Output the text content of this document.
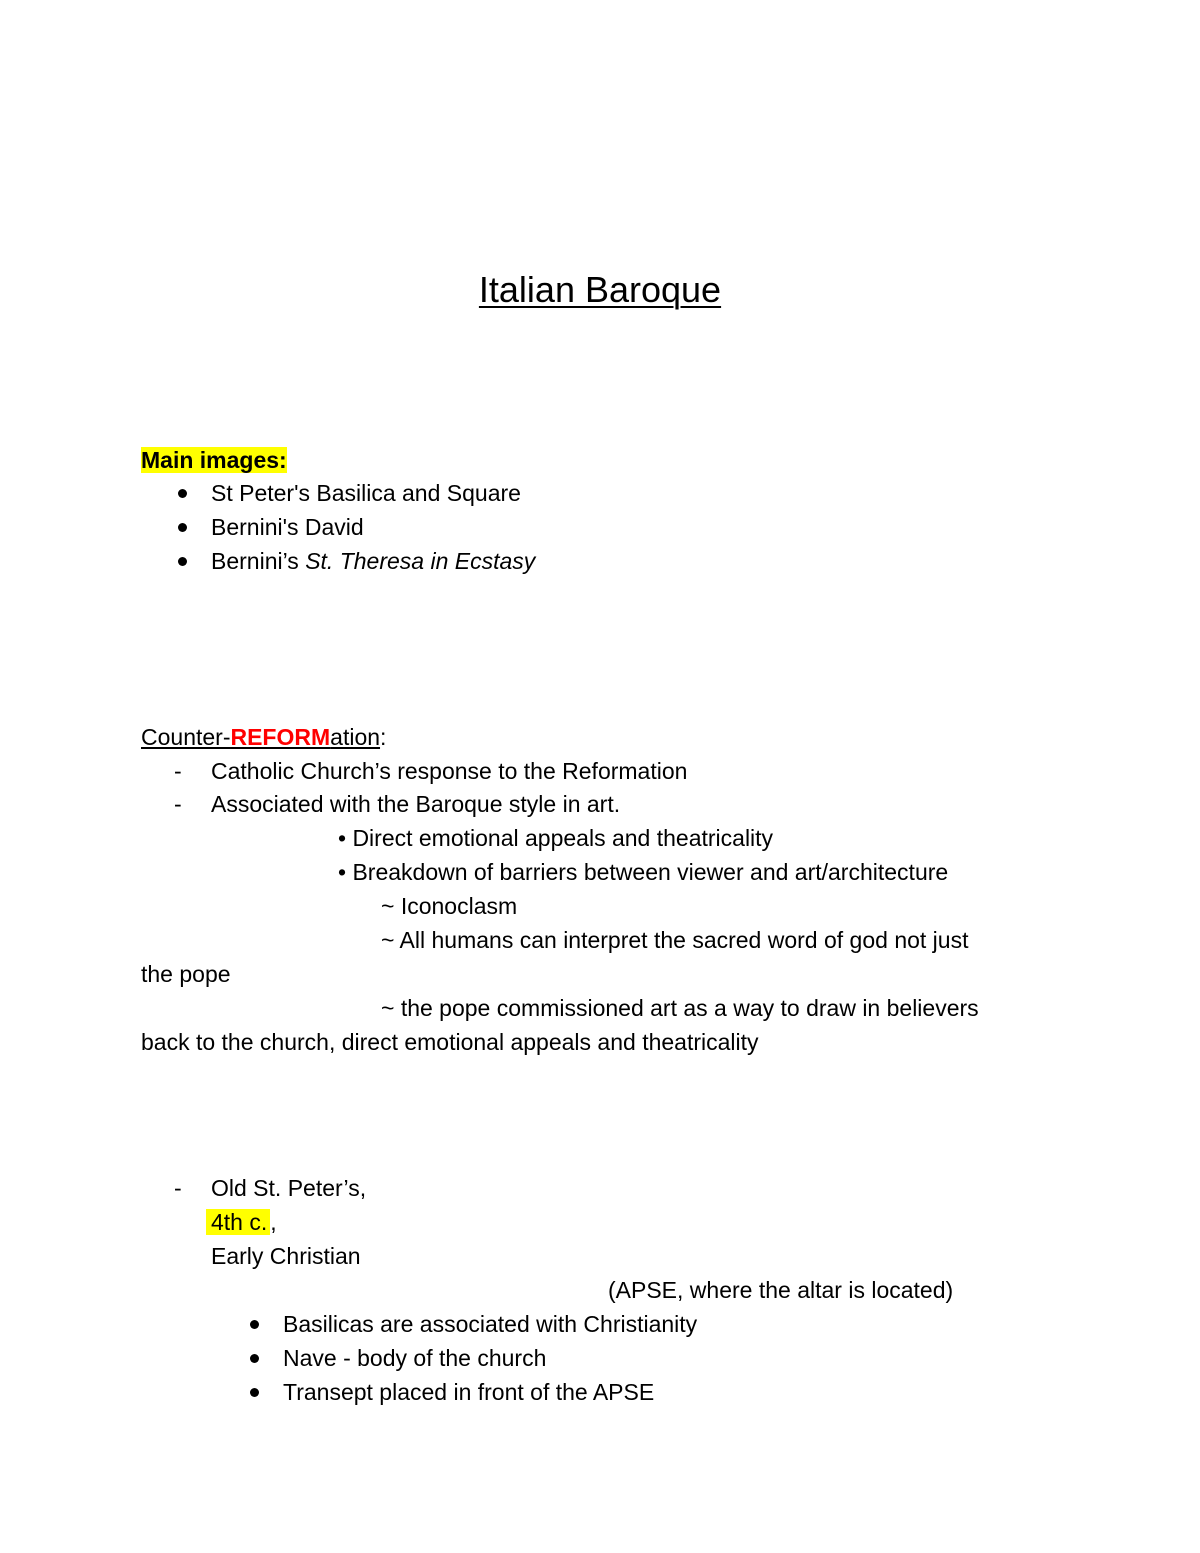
Italian Baroque
Main images:
St Peter's Basilica and Square
Bernini's David
Bernini’s St. Theresa in Ecstasy
Counter-REFORMation:
- Catholic Church’s response to the Reformation
- Associated with the Baroque style in art.
• Direct emotional appeals and theatricality
• Breakdown of barriers between viewer and art/architecture
~ Iconoclasm
~ All humans can interpret the sacred word of god not just
the pope
~ the pope commissioned art as a way to draw in believers
back to the church, direct emotional appeals and theatricality
- Old St. Peter’s,
4th c. ,
Early Christian
(APSE, where the altar is located)
Basilicas are associated with Christianity
Nave - body of the church
Transept placed in front of the APSE
